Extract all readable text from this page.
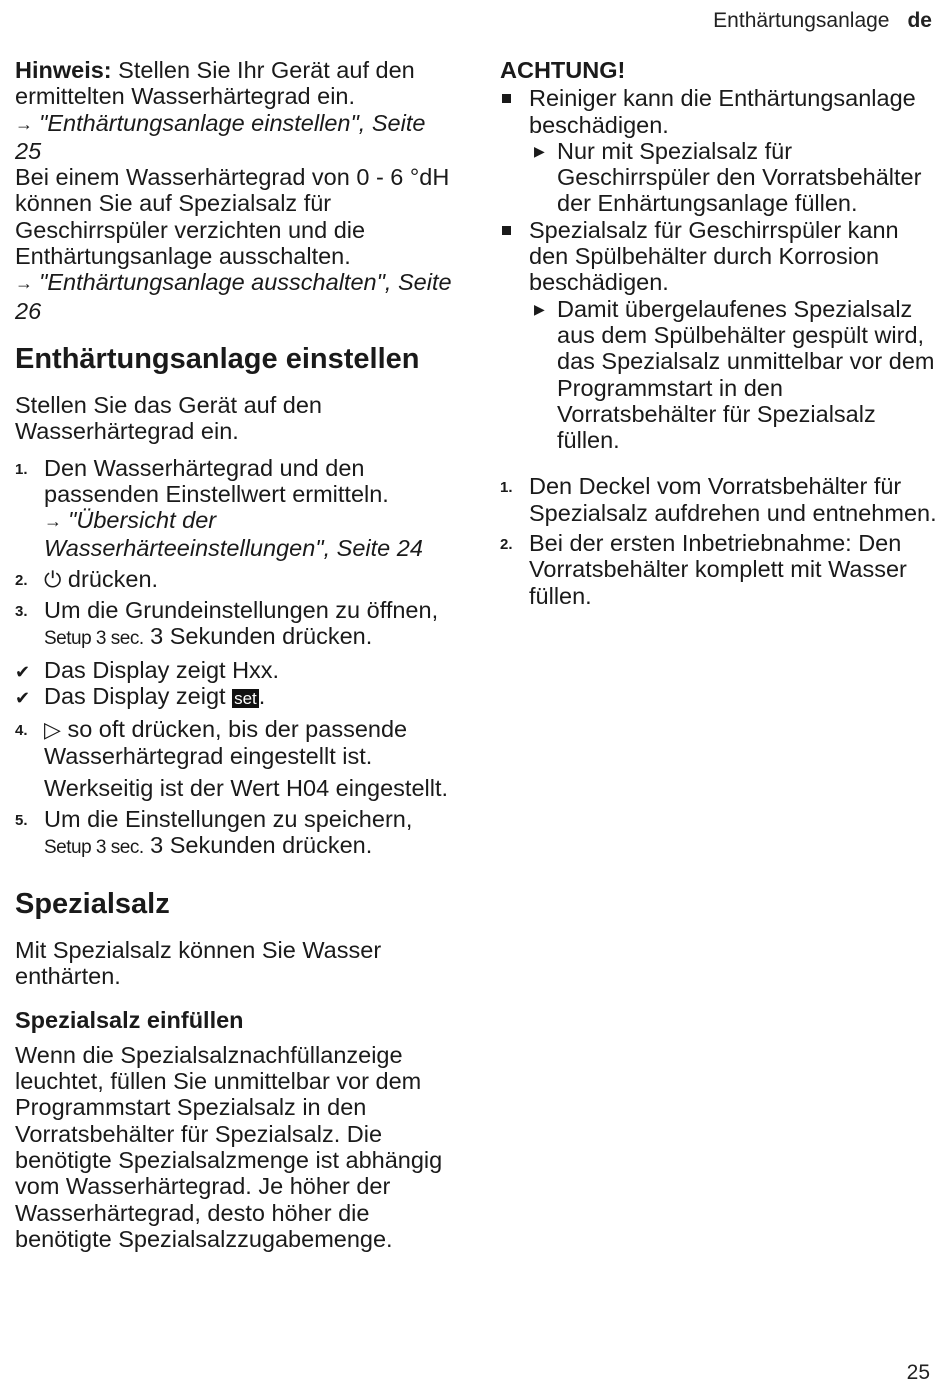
Enthärtungsanlage de

Hinweis: Stellen Sie Ihr Gerät auf den ermittelten Wasserhärtegrad ein.

→ "Enthärtungsanlage einstellen", Seite 25

Bei einem Wasserhärtegrad von 0 - 6 °dH können Sie auf Spezialsalz für Geschirrspüler verzichten und die Enthärtungsanlage ausschalten.

→ "Enthärtungsanlage ausschalten", Seite 26

Enthärtungsanlage einstellen

Stellen Sie das Gerät auf den Wasserhärtegrad ein.

1. Den Wasserhärtegrad und den passenden Einstellwert ermitteln.
→ "Übersicht der Wasserhärteeinstellungen", Seite 24
2. ⏻ drücken.
3. Um die Grundeinstellungen zu öffnen, Setup 3 sec. 3 Sekunden drücken.
✔ Das Display zeigt Hxx.
✔ Das Display zeigt set.
4. ▷ so oft drücken, bis der passende Wasserhärtegrad eingestellt ist.
Werkseitig ist der Wert H04 eingestellt.
5. Um die Einstellungen zu speichern, Setup 3 sec. 3 Sekunden drücken.
Spezialsalz

Mit Spezialsalz können Sie Wasser enthärten.

Spezialsalz einfüllen

Wenn die Spezialsalznachfüllanzeige leuchtet, füllen Sie unmittelbar vor dem Programmstart Spezialsalz in den Vorratsbehälter für Spezialsalz. Die benötigte Spezialsalzmenge ist abhängig vom Wasserhärtegrad. Je höher der Wasserhärtegrad, desto höher die benötigte Spezialsalzzugabemenge.

ACHTUNG!

Reiniger kann die Enthärtungsanlage beschädigen.
▶ Nur mit Spezialsalz für Geschirrspüler den Vorratsbehälter der Enhärtungsanlage füllen.
Spezialsalz für Geschirrspüler kann den Spülbehälter durch Korrosion beschädigen.
▶ Damit übergelaufenes Spezialsalz aus dem Spülbehälter gespült wird, das Spezialsalz unmittelbar vor dem Programmstart in den Vorratsbehälter für Spezialsalz füllen.
1. Den Deckel vom Vorratsbehälter für Spezialsalz aufdrehen und entnehmen.
2. Bei der ersten Inbetriebnahme: Den Vorratsbehälter komplett mit Wasser füllen.
25
